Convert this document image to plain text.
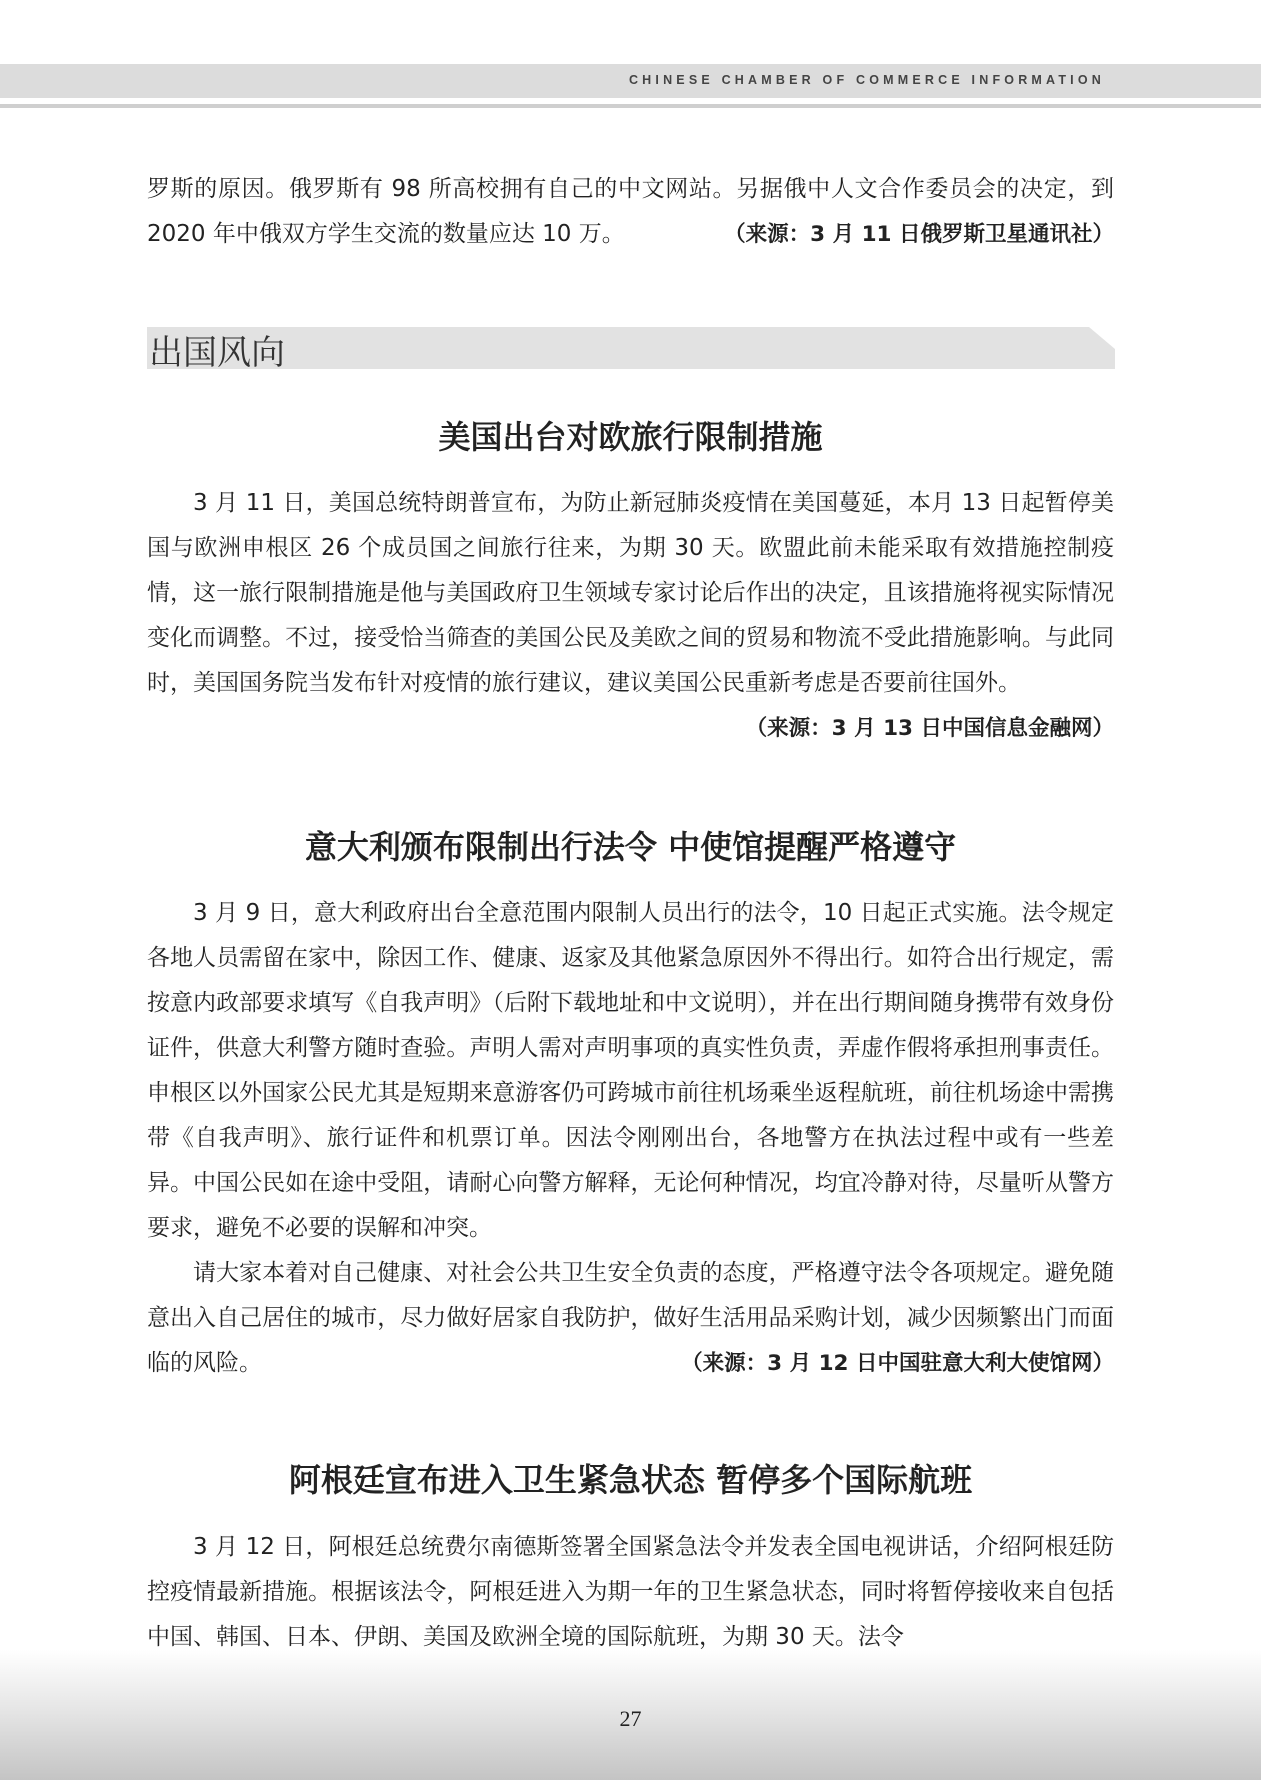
CHINESE CHAMBER OF COMMERCE INFORMATION

罗斯的原因。俄罗斯有 98 所高校拥有自己的中文网站。另据俄中人文合作委员会的决定，到 2020 年中俄双方学生交流的数量应达 10 万。	（来源：3 月 11 日俄罗斯卫星通讯社）

出国风向
美国出台对欧旅行限制措施

3 月 11 日，美国总统特朗普宣布，为防止新冠肺炎疫情在美国蔓延，本月 13 日起暂停美国与欧洲申根区 26 个成员国之间旅行往来，为期 30 天。欧盟此前未能采取有效措施控制疫情，这一旅行限制措施是他与美国政府卫生领域专家讨论后作出的决定，且该措施将视实际情况变化而调整。不过，接受恰当筛查的美国公民及美欧之间的贸易和物流不受此措施影响。与此同时，美国国务院当发布针对疫情的旅行建议，建议美国公民重新考虑是否要前往国外。
（来源：3 月 13 日中国信息金融网）

意大利颁布限制出行法令 中使馆提醒严格遵守

3 月 9 日，意大利政府出台全意范围内限制人员出行的法令，10 日起正式实施。法令规定各地人员需留在家中，除因工作、健康、返家及其他紧急原因外不得出行。如符合出行规定，需按意内政部要求填写《自我声明》（后附下载地址和中文说明），并在出行期间随身携带有效身份证件，供意大利警方随时查验。声明人需对声明事项的真实性负责，弄虚作假将承担刑事责任。申根区以外国家公民尤其是短期来意游客仍可跨城市前往机场乘坐返程航班，前往机场途中需携带《自我声明》、旅行证件和机票订单。因法令刚刚出台，各地警方在执法过程中或有一些差异。中国公民如在途中受阻，请耐心向警方解释，无论何种情况，均宜冷静对待，尽量听从警方要求，避免不必要的误解和冲突。

请大家本着对自己健康、对社会公共卫生安全负责的态度，严格遵守法令各项规定。避免随意出入自己居住的城市，尽力做好居家自我防护，做好生活用品采购计划，减少因频繁出门而面临的风险。	（来源：3 月 12 日中国驻意大利大使馆网）

阿根廷宣布进入卫生紧急状态 暂停多个国际航班

3 月 12 日，阿根廷总统费尔南德斯签署全国紧急法令并发表全国电视讲话，介绍阿根廷防控疫情最新措施。根据该法令，阿根廷进入为期一年的卫生紧急状态，同时将暂停接收来自包括中国、韩国、日本、伊朗、美国及欧洲全境的国际航班，为期 30 天。法令

27
